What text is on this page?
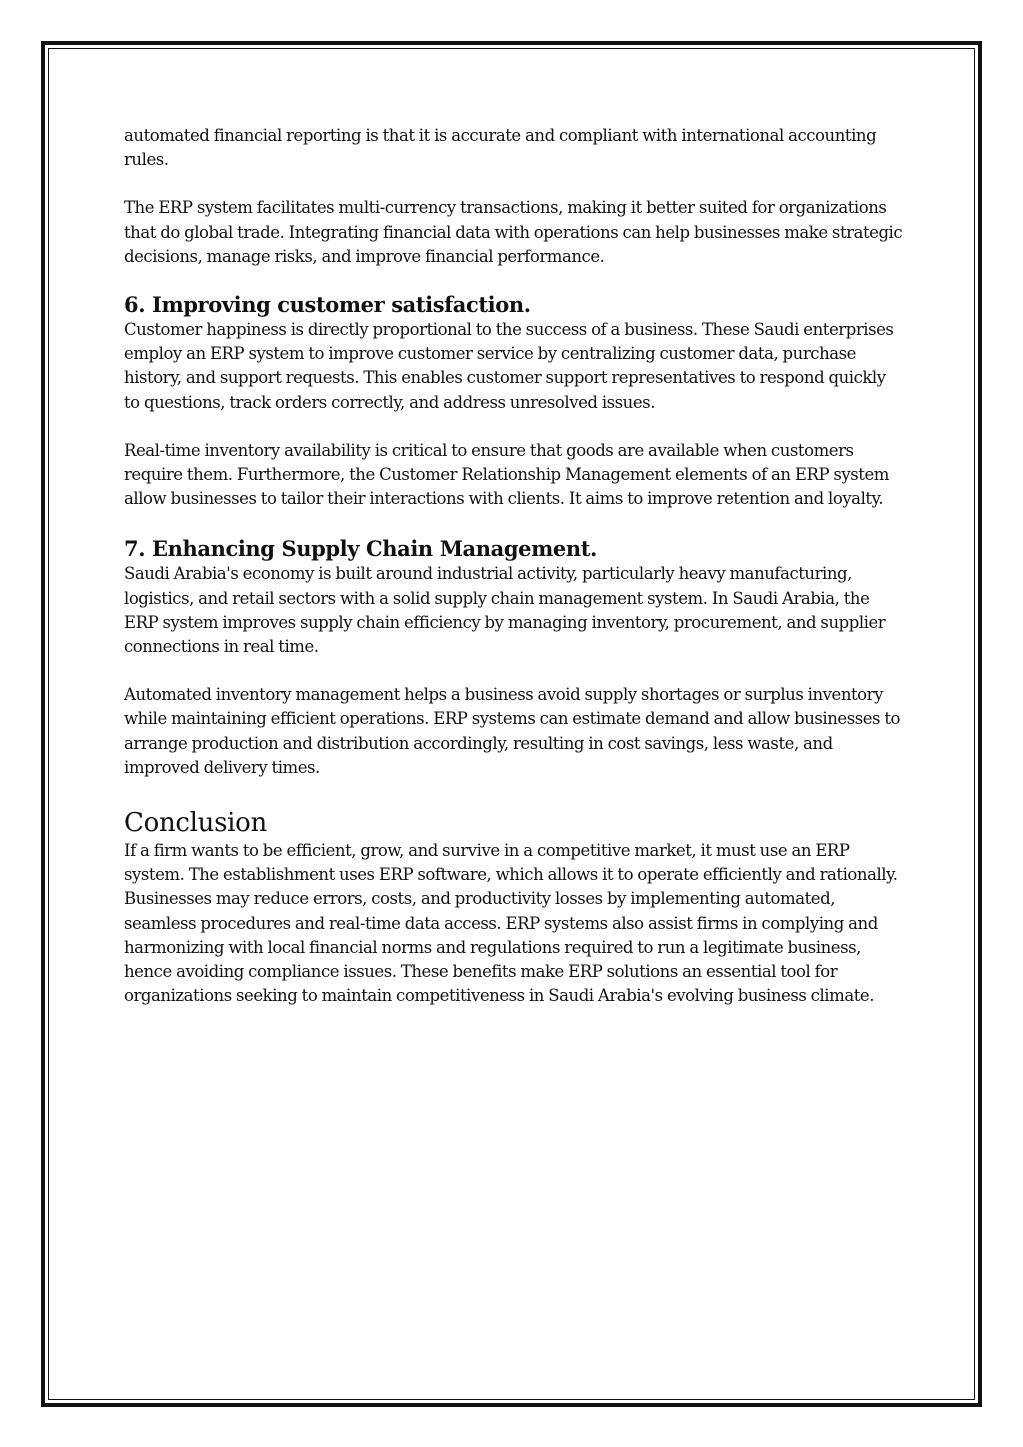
automated financial reporting is that it is accurate and compliant with international accounting rules.

The ERP system facilitates multi-currency transactions, making it better suited for organizations that do global trade. Integrating financial data with operations can help businesses make strategic decisions, manage risks, and improve financial performance.

6. Improving customer satisfaction.

Customer happiness is directly proportional to the success of a business. These Saudi enterprises employ an ERP system to improve customer service by centralizing customer data, purchase history, and support requests. This enables customer support representatives to respond quickly to questions, track orders correctly, and address unresolved issues.

Real-time inventory availability is critical to ensure that goods are available when customers require them. Furthermore, the Customer Relationship Management elements of an ERP system allow businesses to tailor their interactions with clients. It aims to improve retention and loyalty.

7. Enhancing Supply Chain Management.

Saudi Arabia's economy is built around industrial activity, particularly heavy manufacturing, logistics, and retail sectors with a solid supply chain management system. In Saudi Arabia, the ERP system improves supply chain efficiency by managing inventory, procurement, and supplier connections in real time.

Automated inventory management helps a business avoid supply shortages or surplus inventory while maintaining efficient operations. ERP systems can estimate demand and allow businesses to arrange production and distribution accordingly, resulting in cost savings, less waste, and improved delivery times.

Conclusion

If a firm wants to be efficient, grow, and survive in a competitive market, it must use an ERP system. The establishment uses ERP software, which allows it to operate efficiently and rationally. Businesses may reduce errors, costs, and productivity losses by implementing automated, seamless procedures and real-time data access. ERP systems also assist firms in complying and harmonizing with local financial norms and regulations required to run a legitimate business, hence avoiding compliance issues. These benefits make ERP solutions an essential tool for organizations seeking to maintain competitiveness in Saudi Arabia's evolving business climate.
